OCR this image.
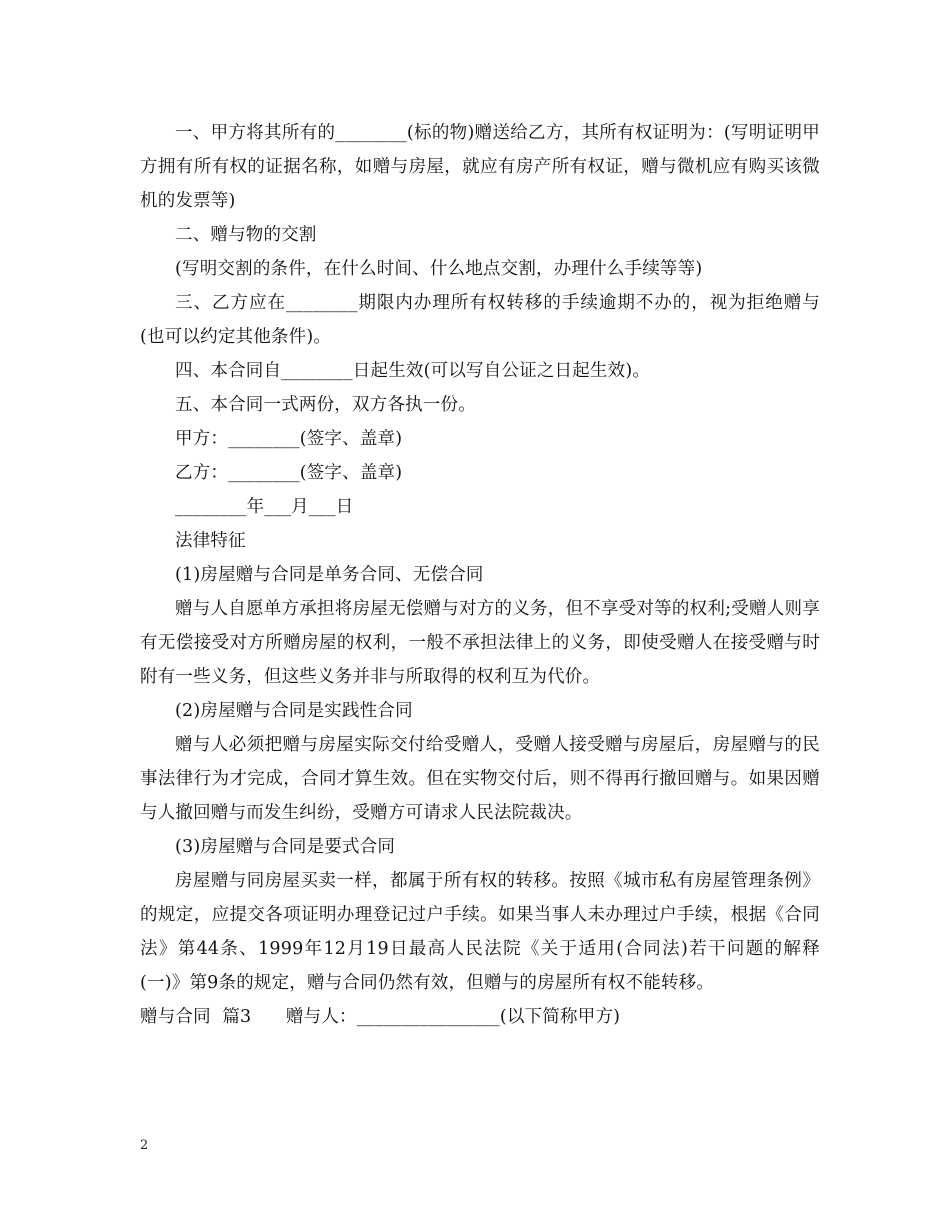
一、甲方将其所有的________(标的物)赠送给乙方，其所有权证明为：(写明证明甲方拥有所有权的证据名称，如赠与房屋，就应有房产所有权证，赠与微机应有购买该微机的发票等)

二、赠与物的交割

(写明交割的条件，在什么时间、什么地点交割，办理什么手续等等)

三、乙方应在________期限内办理所有权转移的手续逾期不办的，视为拒绝赠与(也可以约定其他条件)。

四、本合同自________日起生效(可以写自公证之日起生效)。

五、本合同一式两份，双方各执一份。

甲方：________(签字、盖章)

乙方：________(签字、盖章)

________年___月___日

法律特征

(1)房屋赠与合同是单务合同、无偿合同

赠与人自愿单方承担将房屋无偿赠与对方的义务，但不享受对等的权利;受赠人则享有无偿接受对方所赠房屋的权利，一般不承担法律上的义务，即使受赠人在接受赠与时附有一些义务，但这些义务并非与所取得的权利互为代价。

(2)房屋赠与合同是实践性合同

赠与人必须把赠与房屋实际交付给受赠人，受赠人接受赠与房屋后，房屋赠与的民事法律行为才完成，合同才算生效。但在实物交付后，则不得再行撤回赠与。如果因赠与人撤回赠与而发生纠纷，受赠方可请求人民法院裁决。

(3)房屋赠与合同是要式合同

房屋赠与同房屋买卖一样，都属于所有权的转移。按照《城市私有房屋管理条例》的规定，应提交各项证明办理登记过户手续。如果当事人未办理过户手续，根据《合同法》第44条、1999年12月19日最高人民法院《关于适用(合同法)若干问题的解释(一)》第9条的规定，赠与合同仍然有效，但赠与的房屋所有权不能转移。

赠与合同  篇3      赠与人：________________(以下简称甲方)

2
